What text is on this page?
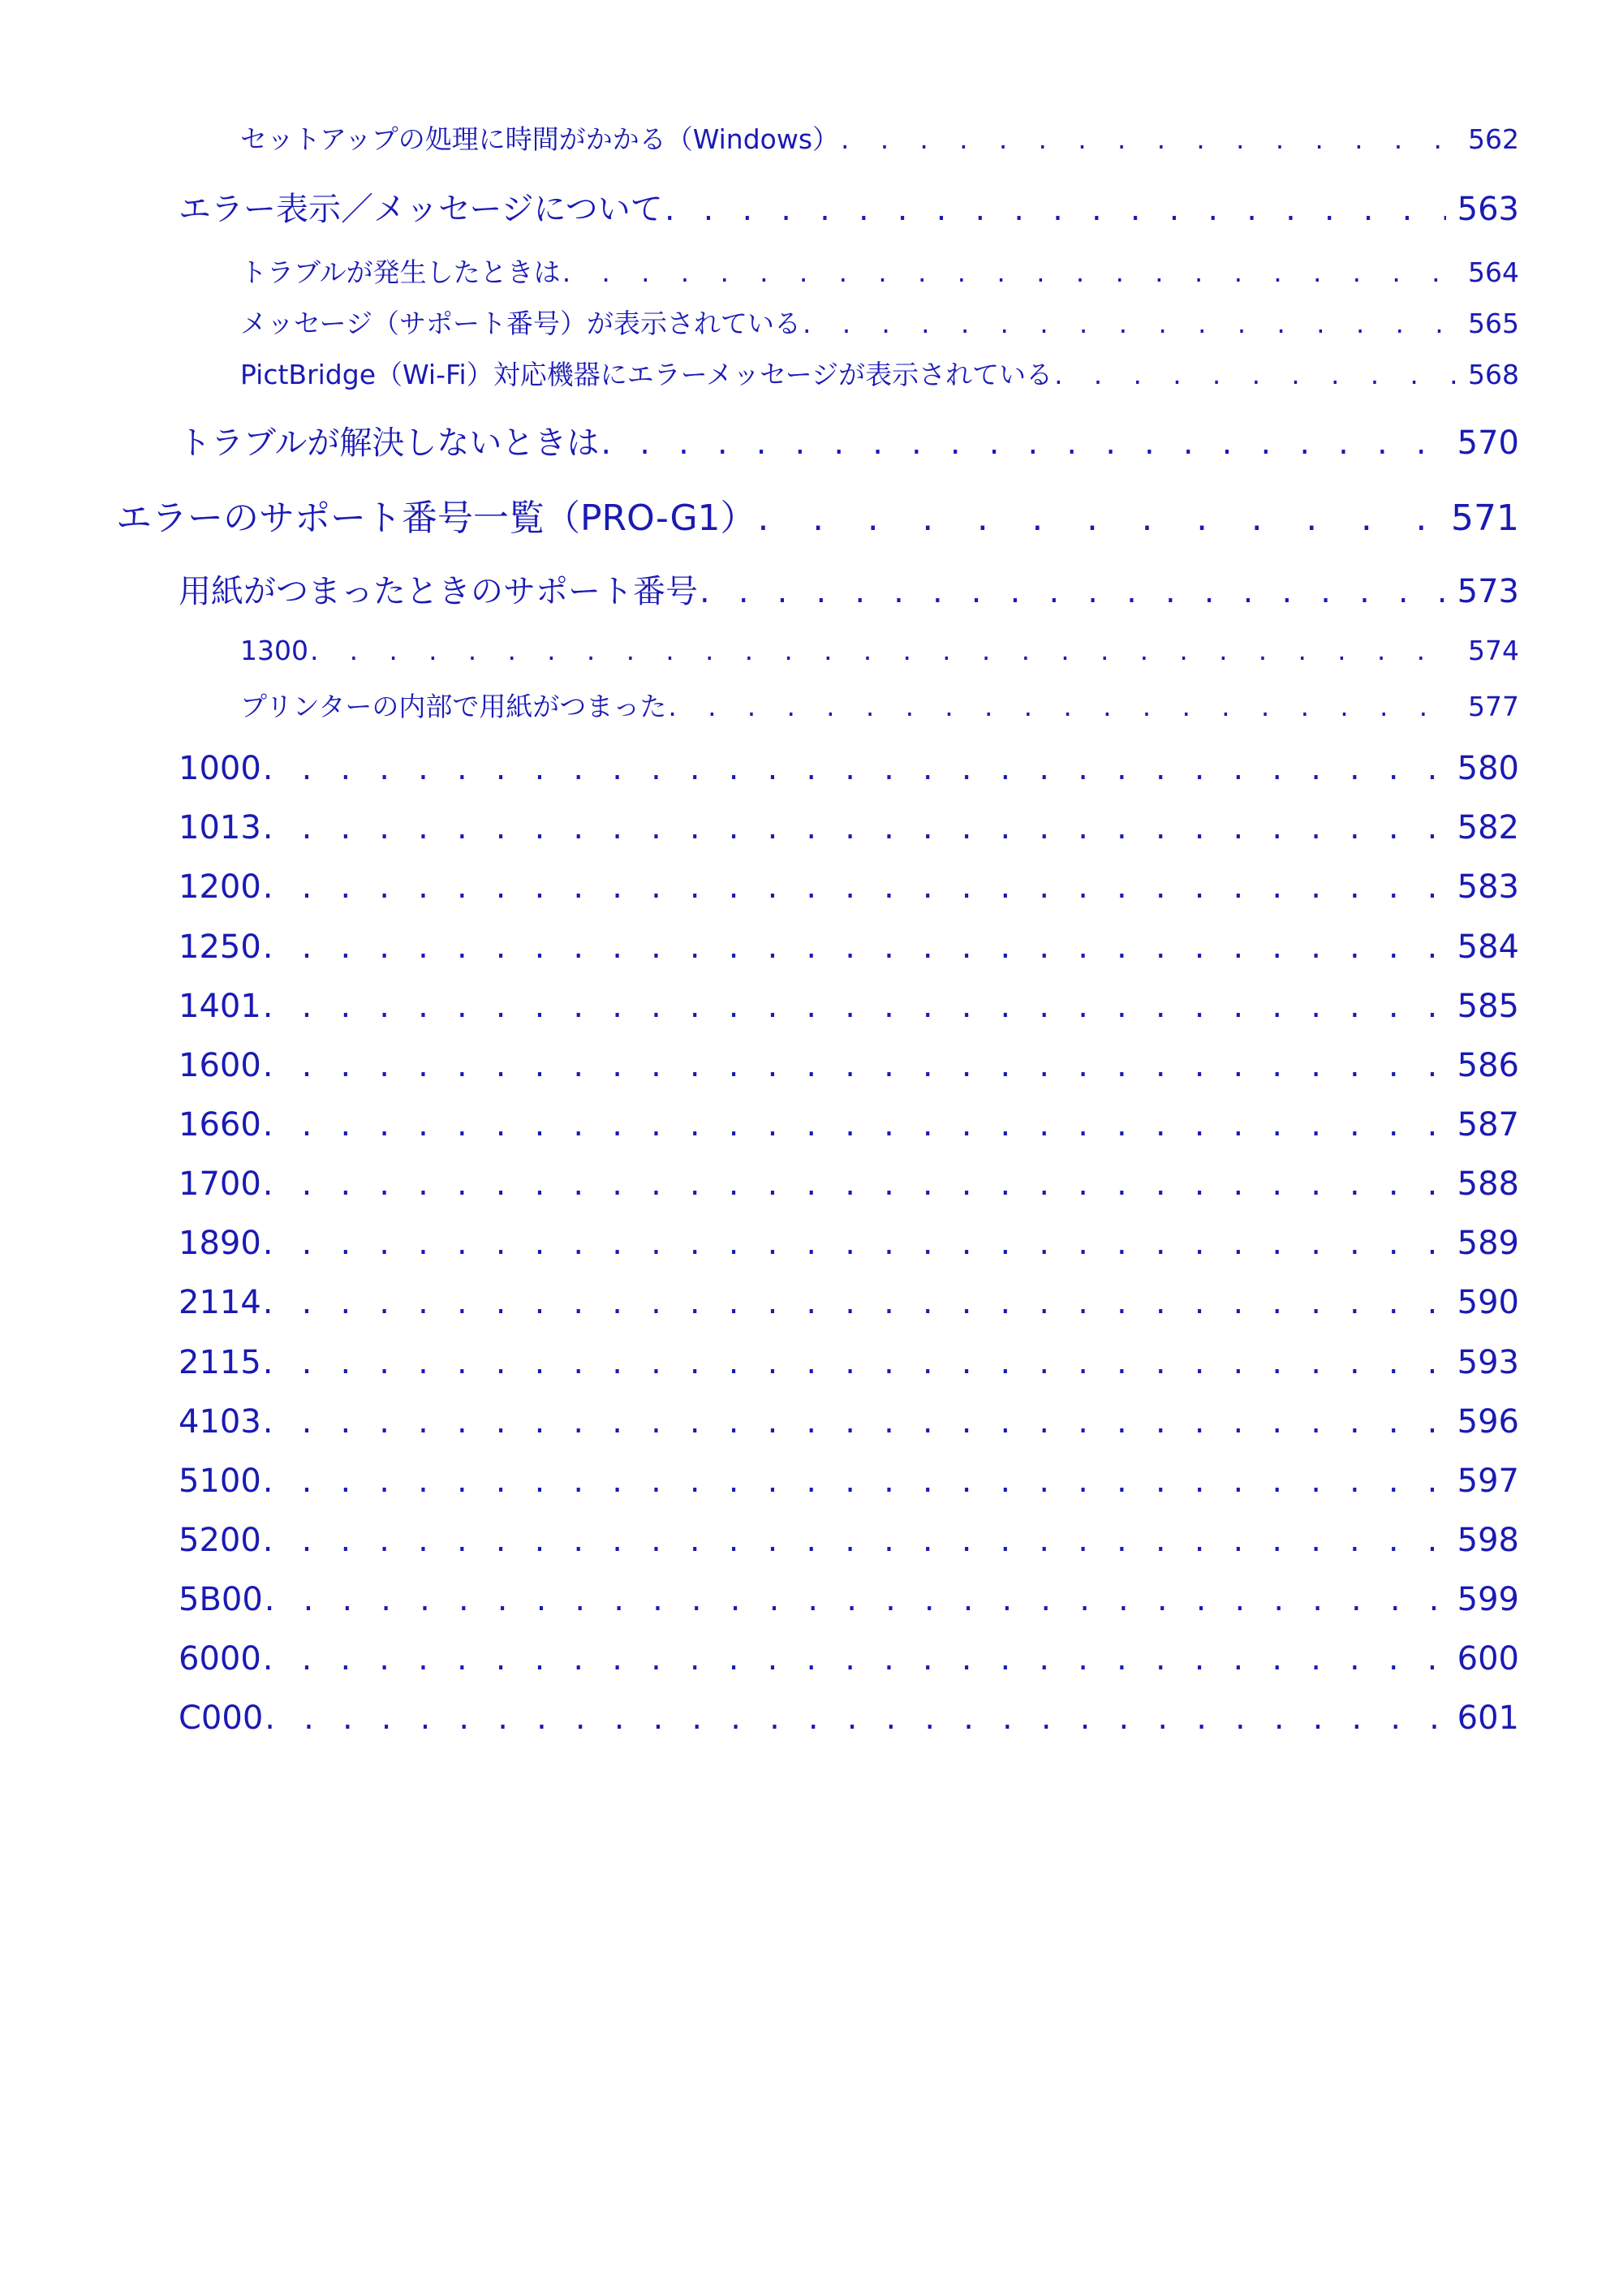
セットアップの処理に時間がかかる（Windows） . . .	562
エラー表示／メッセージについて . . .	563
トラブルが発生したときは . . .	564
メッセージ（サポート番号）が表示されている . . .	565
PictBridge（Wi-Fi）対応機器にエラーメッセージが表示されている . . .	568
トラブルが解決しないときは . . .	570
エラーのサポート番号一覧（PRO-G1） . . .	571
用紙がつまったときのサポート番号 . . .	573
1300 . . .	574
プリンターの内部で用紙がつまった . . .	577
1000 . . .	580
1013 . . .	582
1200 . . .	583
1250 . . .	584
1401 . . .	585
1600 . . .	586
1660 . . .	587
1700 . . .	588
1890 . . .	589
2114 . . .	590
2115 . . .	593
4103 . . .	596
5100 . . .	597
5200 . . .	598
5B00 . . .	599
6000 . . .	600
C000 . . .	601
